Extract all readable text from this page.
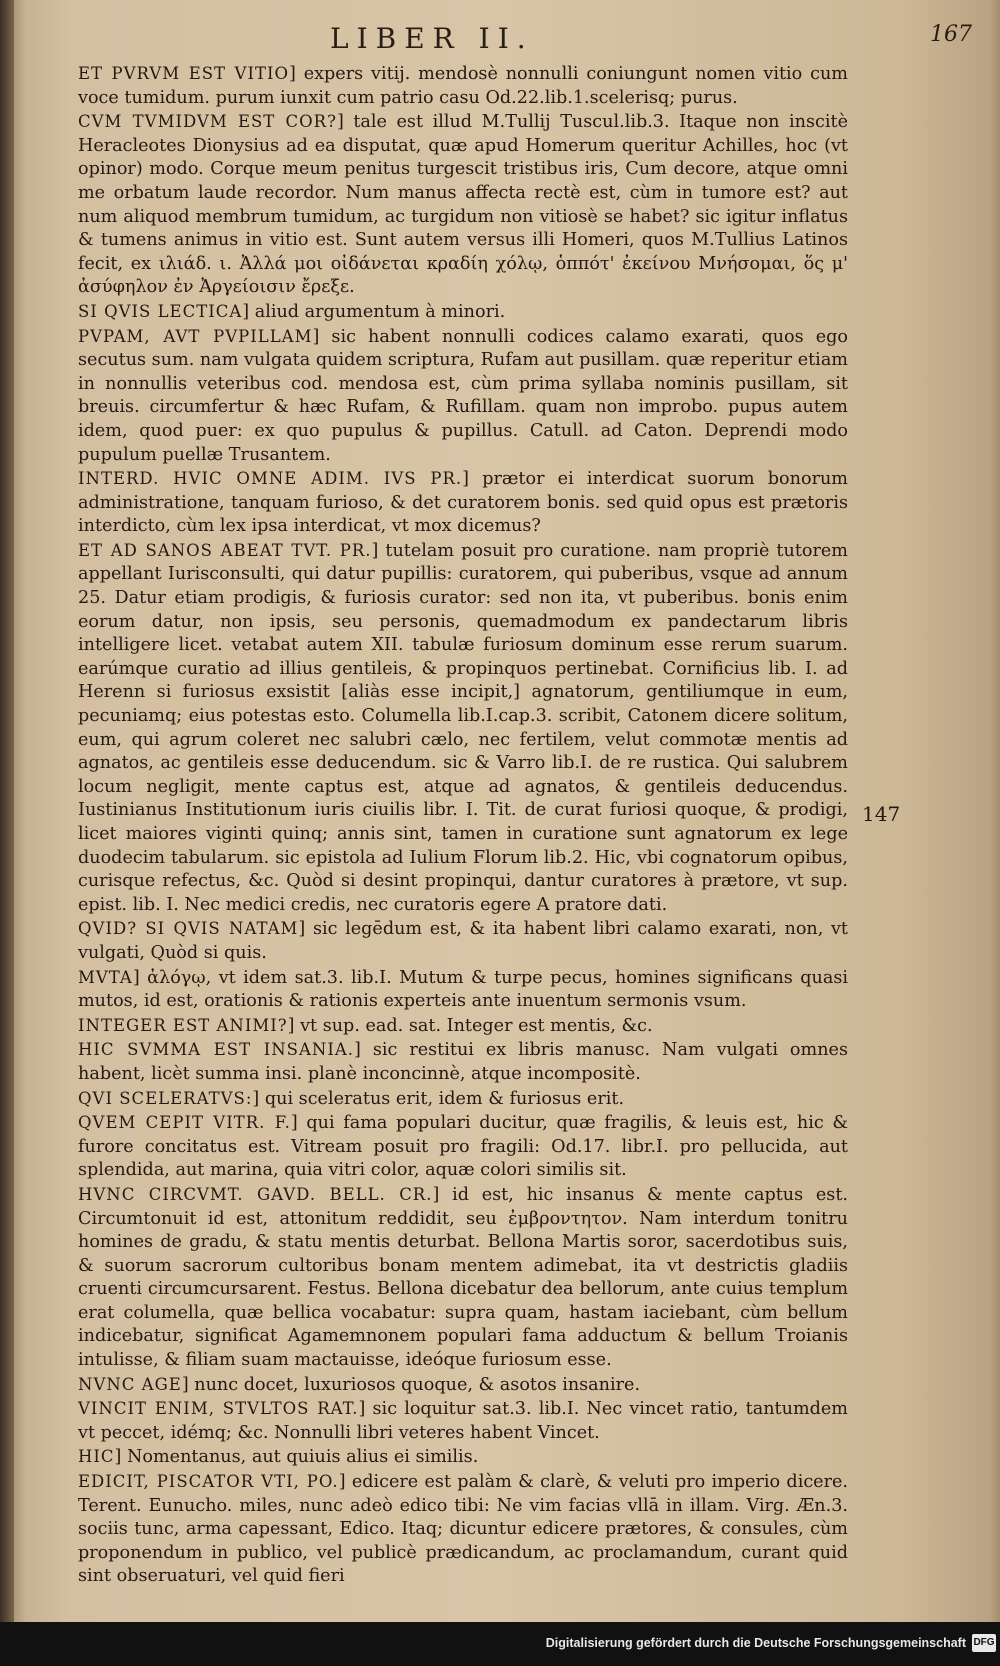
LIBER II.	167

ET PVRVM EST VITIO] expers vitij. mendosè nonnulli coniungunt nomen vitio cum voce tumidum. purum iunxit cum patrio casu Od.22.lib.1.scelerisq; purus.

CVM TVMIDVM EST COR?] tale est illud M.Tullij Tuscul.lib.3. Itaque non inscitè Heracleotes Dionysius ad ea disputat, quæ apud Homerum queritur Achilles, hoc (vt opinor) modo. Corque meum penitus turgescit tristibus iris, Cum decore, atque omni me orbatum laude recordor. Num manus affecta rectè est, cùm in tumore est? aut num aliquod membrum tumidum, ac turgidum non vitiosè se habet? sic igitur inflatus & tumens animus in vitio est. Sunt autem versus illi Homeri, quos M.Tullius Latinos fecit, ex ιλιάδ. ι. Ἀλλά μοι οἰδάνεται κραδίη χόλῳ, ὁππότ' ἐκείνου Μνήσομαι, ὅς μ' ἀσύφηλον ἐν Ἀργείοισιν ἔρεξε.

SI QVIS LECTICA] aliud argumentum à minori.

PVPAM, AVT PVPILLAM] sic habent nonnulli codices calamo exarati, quos ego secutus sum. nam vulgata quidem scriptura, Rufam aut pusillam. quæ reperitur etiam in nonnullis veteribus cod. mendosa est, cùm prima syllaba nominis pusillam, sit breuis. circumfertur & hæc Rufam, & Rufillam. quam non improbo. pupus autem idem, quod puer: ex quo pupulus & pupillus. Catull. ad Caton. Deprendi modo pupulum puellæ Trusantem.

INTERD. HVIC OMNE ADIM. IVS PR.] prætor ei interdicat suorum bonorum administratione, tanquam furioso, & det curatorem bonis. sed quid opus est prætoris interdicto, cùm lex ipsa interdicat, vt mox dicemus?

ET AD SANOS ABEAT TVT. PR.] tutelam posuit pro curatione. nam propriè tutorem appellant Iurisconsulti, qui datur pupillis: curatorem, qui puberibus, vsque ad annum 25. Datur etiam prodigis, & furiosis curator: sed non ita, vt puberibus. bonis enim eorum datur, non ipsis, seu personis, quemadmodum ex pandectarum libris intelligere licet. vetabat autem XII. tabulæ furiosum dominum esse rerum suarum. earúmque curatio ad illius gentileis, & propinquos pertinebat. Cornificius lib. I. ad Herenn si furiosus exsistit [aliàs esse incipit,] agnatorum, gentiliumque in eum, pecuniamq; eius potestas esto. Columella lib.I.cap.3. scribit, Catonem dicere solitum, eum, qui agrum coleret nec salubri cælo, nec fertilem, velut commotæ mentis ad agnatos, ac gentileis esse deducendum. sic & Varro lib.I. de re rustica. Qui salubrem locum negligit, mente captus est, atque ad agnatos, & gentileis deducendus. Iustinianus Institutionum iuris ciuilis libr. I. Tit. de curat furiosi quoque, & prodigi, licet maiores viginti quinq; annis sint, tamen in curatione sunt agnatorum ex lege duodecim tabularum. sic epistola ad Iulium Florum lib.2. Hic, vbi cognatorum opibus, curisque refectus, &c. Quòd si desint propinqui, dantur curatores à prætore, vt sup. epist. lib. I. Nec medici credis, nec curatoris egere A pratore dati.

QVID? SI QVIS NATAM] sic legēdum est, & ita habent libri calamo exarati, non, vt vulgati, Quòd si quis.

MVTA] ἀλόγῳ, vt idem sat.3. lib.I. Mutum & turpe pecus, homines significans quasi mutos, id est, orationis & rationis experteis ante inuentum sermonis vsum.

INTEGER EST ANIMI?] vt sup. ead. sat. Integer est mentis, &c.

HIC SVMMA EST INSANIA.] sic restitui ex libris manusc. Nam vulgati omnes habent, licèt summa insi. planè inconcinnè, atque incompositè.

QVI SCELERATVS:] qui sceleratus erit, idem & furiosus erit.

QVEM CEPIT VITR. F.] qui fama populari ducitur, quæ fragilis, & leuis est, hic & furore concitatus est. Vitream posuit pro fragili: Od.17. libr.I. pro pellucida, aut splendida, aut marina, quia vitri color, aquæ colori similis sit.

HVNC CIRCVMT. GAVD. BELL. CR.] id est, hic insanus & mente captus est. Circumtonuit id est, attonitum reddidit, seu ἐμβροντητον. Nam interdum tonitru homines de gradu, & statu mentis deturbat. Bellona Martis soror, sacerdotibus suis, & suorum sacrorum cultoribus bonam mentem adimebat, ita vt destrictis gladiis cruenti circumcursarent. Festus. Bellona dicebatur dea bellorum, ante cuius templum erat columella, quæ bellica vocabatur: supra quam, hastam iaciebant, cùm bellum indicebatur, significat Agamemnonem populari fama adductum & bellum Troianis intulisse, & filiam suam mactauisse, ideóque furiosum esse.

NVNC AGE] nunc docet, luxuriosos quoque, & asotos insanire.

VINCIT ENIM, STVLTOS RAT.] sic loquitur sat.3. lib.I. Nec vincet ratio, tantumdem vt peccet, idémq; &c. Nonnulli libri veteres habent Vincet.

HIC] Nomentanus, aut quiuis alius ei similis.

EDICIT, PISCATOR VTI, PO.] edicere est palàm & clarè, & veluti pro imperio dicere. Terent. Eunucho. miles, nunc adeò edico tibi: Ne vim facias vllā in illam. Virg. Æn.3. sociis tunc, arma capessant, Edico. Itaq; dicuntur edicere prætores, & consules, cùm proponendum in publico, vel publicè prædicandum, ac proclamandum, curant quid sint obseruaturi, vel quid fieri

147
Digitalisierung gefördert durch die Deutsche Forschungsgemeinschaft DFG
